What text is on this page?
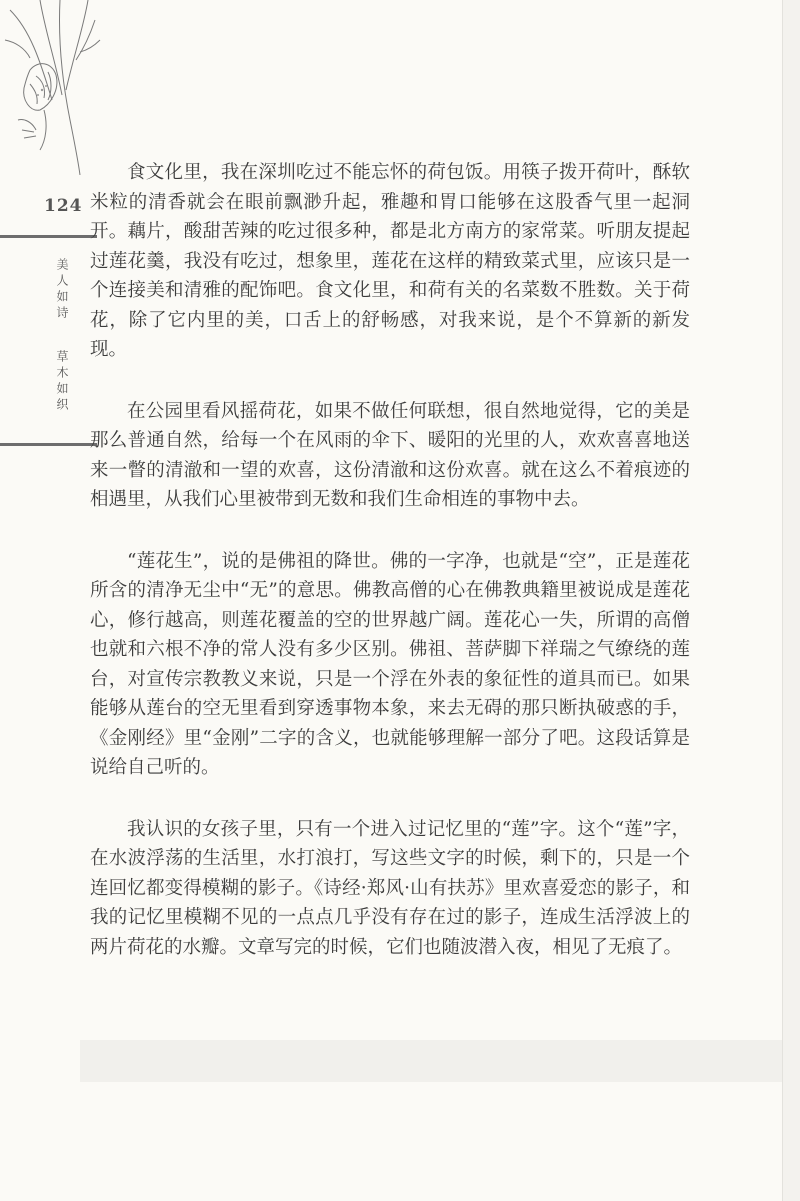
124
美人如诗
草木如织

食文化里，我在深圳吃过不能忘怀的荷包饭。用筷子拨开荷叶，酥软米粒的清香就会在眼前飘渺升起，雅趣和胃口能够在这股香气里一起洞开。藕片，酸甜苦辣的吃过很多种，都是北方南方的家常菜。听朋友提起过莲花羹，我没有吃过，想象里，莲花在这样的精致菜式里，应该只是一个连接美和清雅的配饰吧。食文化里，和荷有关的名菜数不胜数。关于荷花，除了它内里的美，口舌上的舒畅感，对我来说，是个不算新的新发现。

在公园里看风摇荷花，如果不做任何联想，很自然地觉得，它的美是那么普通自然，给每一个在风雨的伞下、暖阳的光里的人，欢欢喜喜地送来一瞥的清澈和一望的欢喜，这份清澈和这份欢喜。就在这么不着痕迹的相遇里，从我们心里被带到无数和我们生命相连的事物中去。

“莲花生”，说的是佛祖的降世。佛的一字净，也就是“空”，正是莲花所含的清净无尘中“无”的意思。佛教高僧的心在佛教典籍里被说成是莲花心，修行越高，则莲花覆盖的空的世界越广阔。莲花心一失，所谓的高僧也就和六根不净的常人没有多少区别。佛祖、菩萨脚下祥瑞之气缭绕的莲台，对宣传宗教教义来说，只是一个浮在外表的象征性的道具而已。如果能够从莲台的空无里看到穿透事物本象，来去无碍的那只断执破惑的手，《金刚经》里“金刚”二字的含义，也就能够理解一部分了吧。这段话算是说给自己听的。

我认识的女孩子里，只有一个进入过记忆里的“莲”字。这个“莲”字，在水波浮荡的生活里，水打浪打，写这些文字的时候，剩下的，只是一个连回忆都变得模糊的影子。《诗经·郑风·山有扶苏》里欢喜爱恋的影子，和我的记忆里模糊不见的一点点几乎没有存在过的影子，连成生活浮波上的两片荷花的水瓣。文章写完的时候，它们也随波潜入夜，相见了无痕了。
